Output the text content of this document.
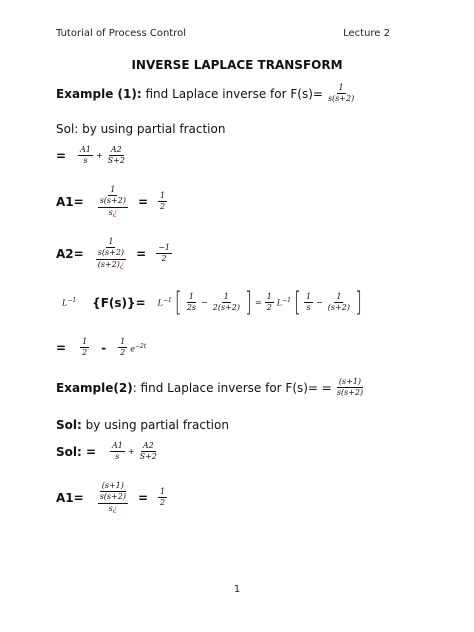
Tutorial of Process Control	Lecture 2
INVERSE LAPLACE TRANSFORM
Example (1): find Laplace inverse for $F(s)= \frac{1}{s(s+2)}$
Sol: by using partial fraction
= $\frac{A1}{s} + \frac{A2}{S+2}$
A1=
1
s(s+2)
s¿
= $\frac{1}{2}$
A2=
1
s(s+2)
(s+2)¿
= $\frac{-1}{2}$
$L^{-1}$ $\{F(s)\}= L^{-1}$ [ $\frac{1}{2s} - \frac{1}{2(s+2)}$ ] = $\frac{1}{2} L^{-1}$ [ $\frac{1}{s} - \frac{1}{(s+2)}$ ]
= $\frac{1}{2} - \frac{1}{2} e^{-2t}$
Example(2): find Laplace inverse for $F(s)= = \frac{(s+1)}{s(s+2)}$
Sol: by using partial fraction
Sol: = $\frac{A1}{s} + \frac{A2}{S+2}$
A1=
(s+1)
s(s+2)
s¿
= $\frac{1}{2}$
1
